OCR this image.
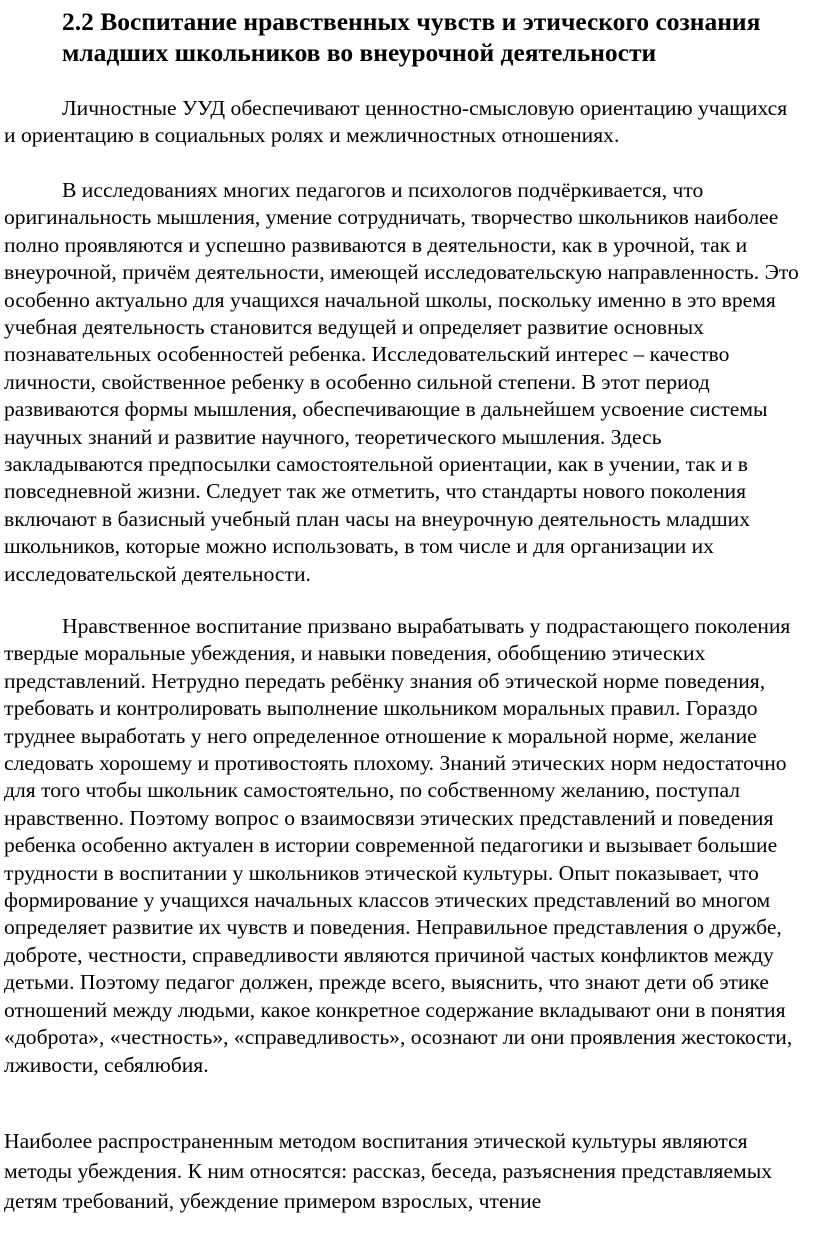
2.2 Воспитание нравственных чувств и этического сознания младших школьников во внеурочной деятельности

Личностные УУД обеспечивают ценностно-смысловую ориентацию учащихся и ориентацию в социальных ролях и межличностных отношениях.

В исследованиях многих педагогов и психологов подчёркивается, что оригинальность мышления, умение сотрудничать, творчество школьников наиболее полно проявляются и успешно развиваются в деятельности, как в урочной, так и внеурочной, причём деятельности, имеющей исследовательскую направленность. Это особенно актуально для учащихся начальной школы, поскольку именно в это время учебная деятельность становится ведущей и определяет развитие основных познавательных особенностей ребенка. Исследовательский интерес – качество личности, свойственное ребенку в особенно сильной степени. В этот период развиваются формы мышления, обеспечивающие в дальнейшем усвоение системы научных знаний и развитие научного, теоретического мышления. Здесь закладываются предпосылки самостоятельной ориентации, как в учении, так и в повседневной жизни. Следует так же отметить, что стандарты нового поколения включают в базисный учебный план часы на внеурочную деятельность младших школьников, которые можно использовать, в том числе и для организации их исследовательской деятельности.

Нравственное воспитание призвано вырабатывать у подрастающего поколения твердые моральные убеждения, и навыки поведения, обобщению этических представлений. Нетрудно передать ребёнку знания об этической норме поведения, требовать и контролировать выполнение школьником моральных правил. Гораздо труднее выработать у него определенное отношение к моральной норме, желание следовать хорошему и противостоять плохому. Знаний этических норм недостаточно для того чтобы школьник самостоятельно, по собственному желанию, поступал нравственно. Поэтому вопрос о взаимосвязи этических представлений и поведения ребенка особенно актуален в истории современной педагогики и вызывает большие трудности в воспитании у школьников этической культуры. Опыт показывает, что формирование у учащихся начальных классов этических представлений во многом определяет развитие их чувств и поведения. Неправильное представления о дружбе, доброте, честности, справедливости являются причиной частых конфликтов между детьми. Поэтому педагог должен, прежде всего, выяснить, что знают дети об этике отношений между людьми, какое конкретное содержание вкладывают они в понятия «доброта», «честность», «справедливость», осознают ли они проявления жестокости, лживости, себялюбия.

Наиболее распространенным методом воспитания этической культуры являются методы убеждения. К ним относятся: рассказ, беседа, разъяснения представляемых детям требований, убеждение примером взрослых, чтение
